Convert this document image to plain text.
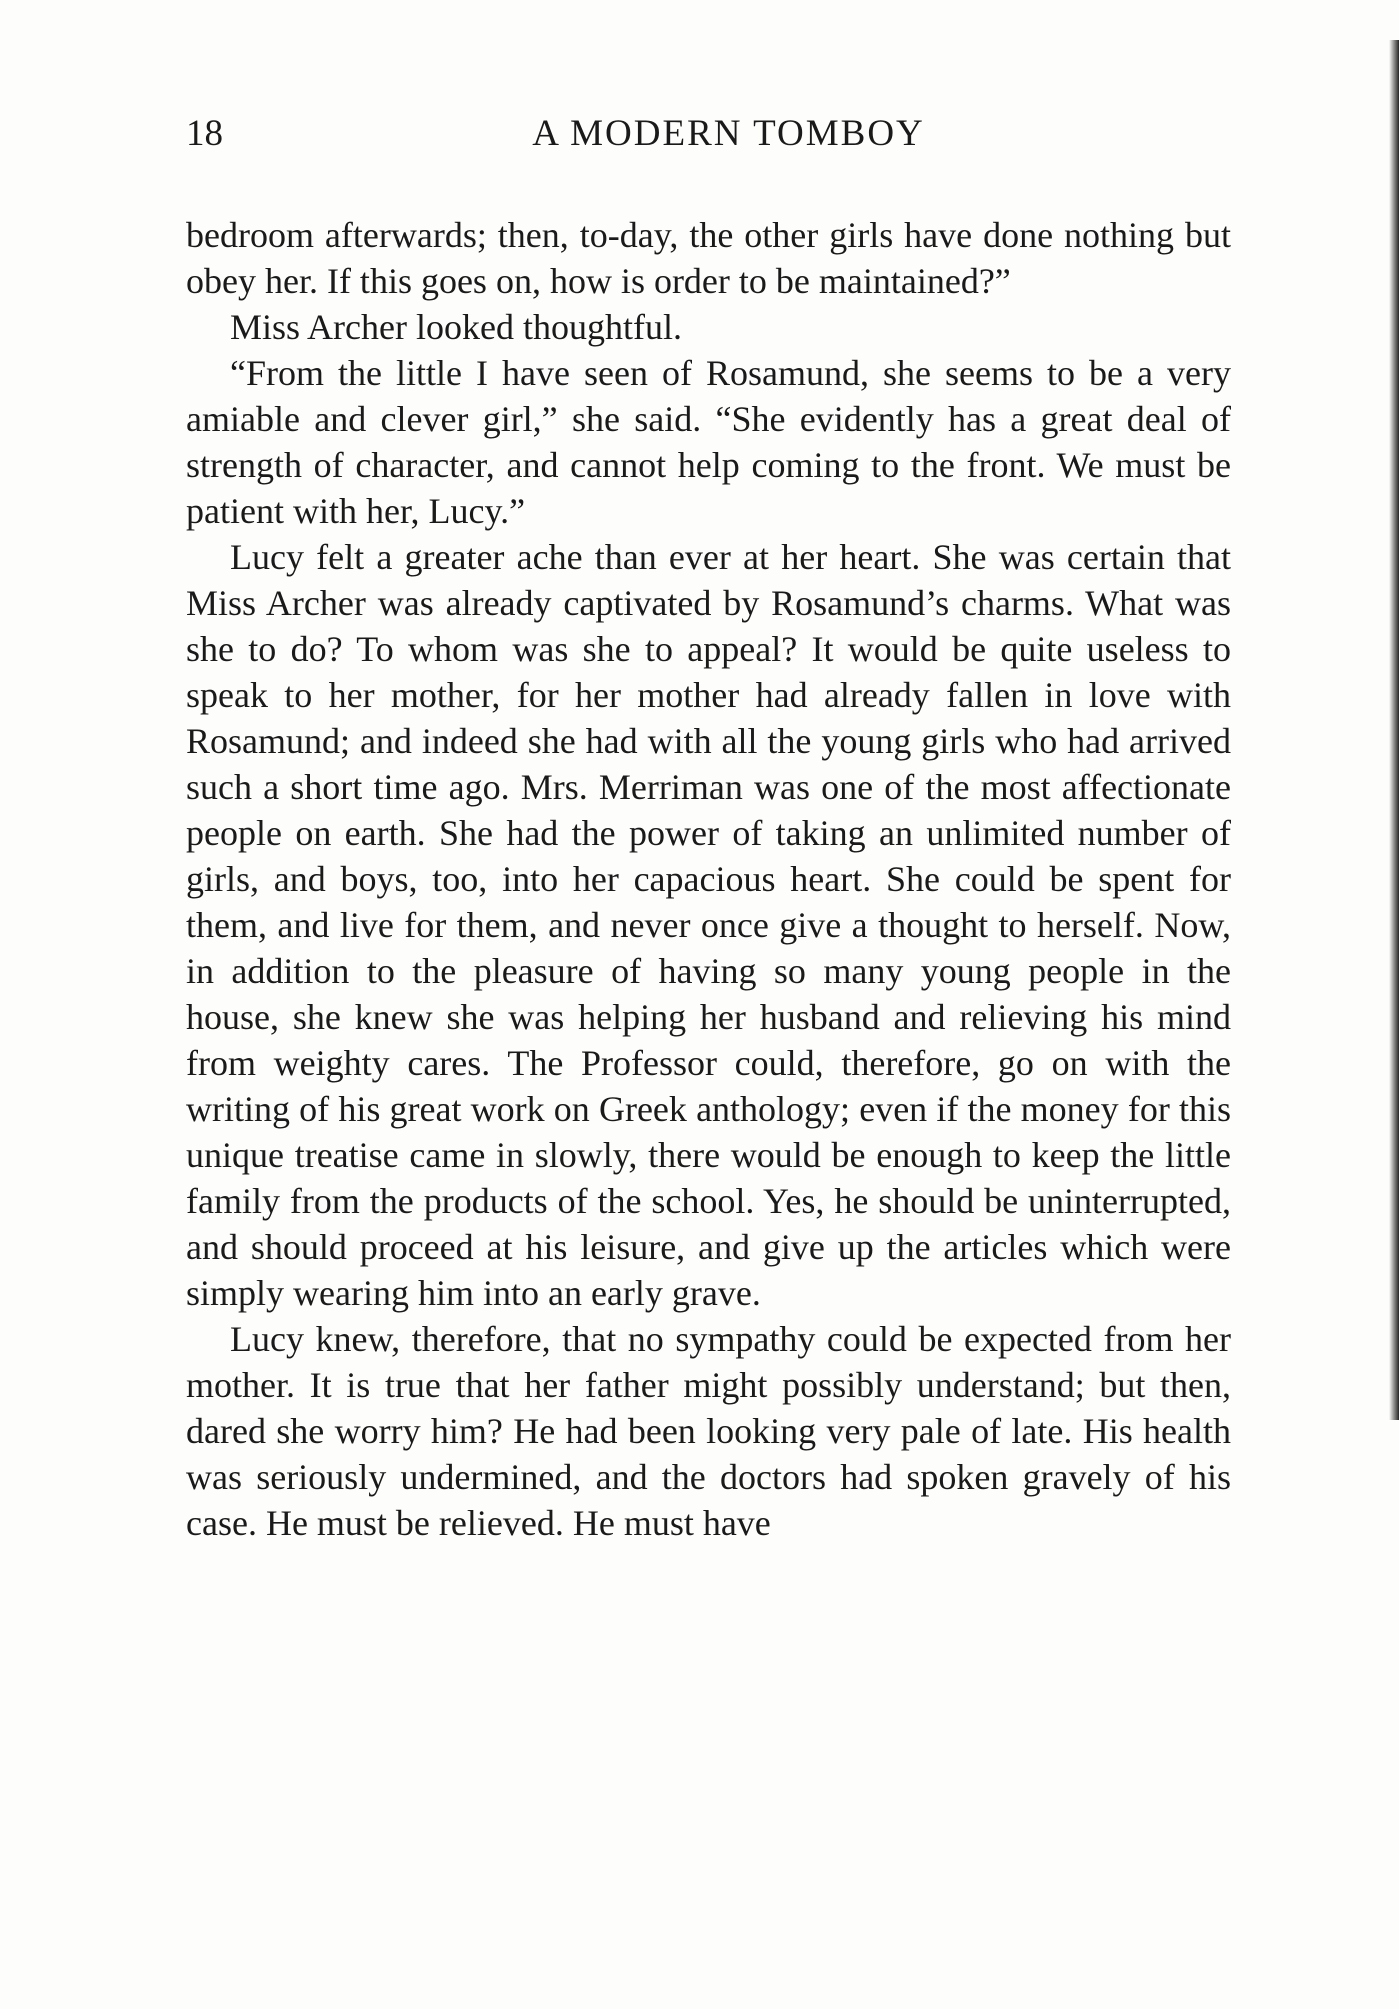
18	A MODERN TOMBOY

bedroom afterwards; then, to-day, the other girls have done nothing but obey her. If this goes on, how is order to be maintained?”

Miss Archer looked thoughtful.

“From the little I have seen of Rosamund, she seems to be a very amiable and clever girl,” she said. “She evidently has a great deal of strength of character, and cannot help coming to the front. We must be patient with her, Lucy.”

Lucy felt a greater ache than ever at her heart. She was certain that Miss Archer was already captivated by Rosamund’s charms. What was she to do? To whom was she to appeal? It would be quite useless to speak to her mother, for her mother had already fallen in love with Rosamund; and indeed she had with all the young girls who had arrived such a short time ago. Mrs. Merriman was one of the most affectionate people on earth. She had the power of taking an unlimited number of girls, and boys, too, into her capacious heart. She could be spent for them, and live for them, and never once give a thought to herself. Now, in addition to the pleasure of having so many young people in the house, she knew she was helping her husband and relieving his mind from weighty cares. The Professor could, therefore, go on with the writing of his great work on Greek anthology; even if the money for this unique treatise came in slowly, there would be enough to keep the little family from the products of the school. Yes, he should be uninterrupted, and should proceed at his leisure, and give up the articles which were simply wearing him into an early grave.

Lucy knew, therefore, that no sympathy could be expected from her mother. It is true that her father might possibly understand; but then, dared she worry him? He had been looking very pale of late. His health was seriously undermined, and the doctors had spoken gravely of his case. He must be relieved. He must have
